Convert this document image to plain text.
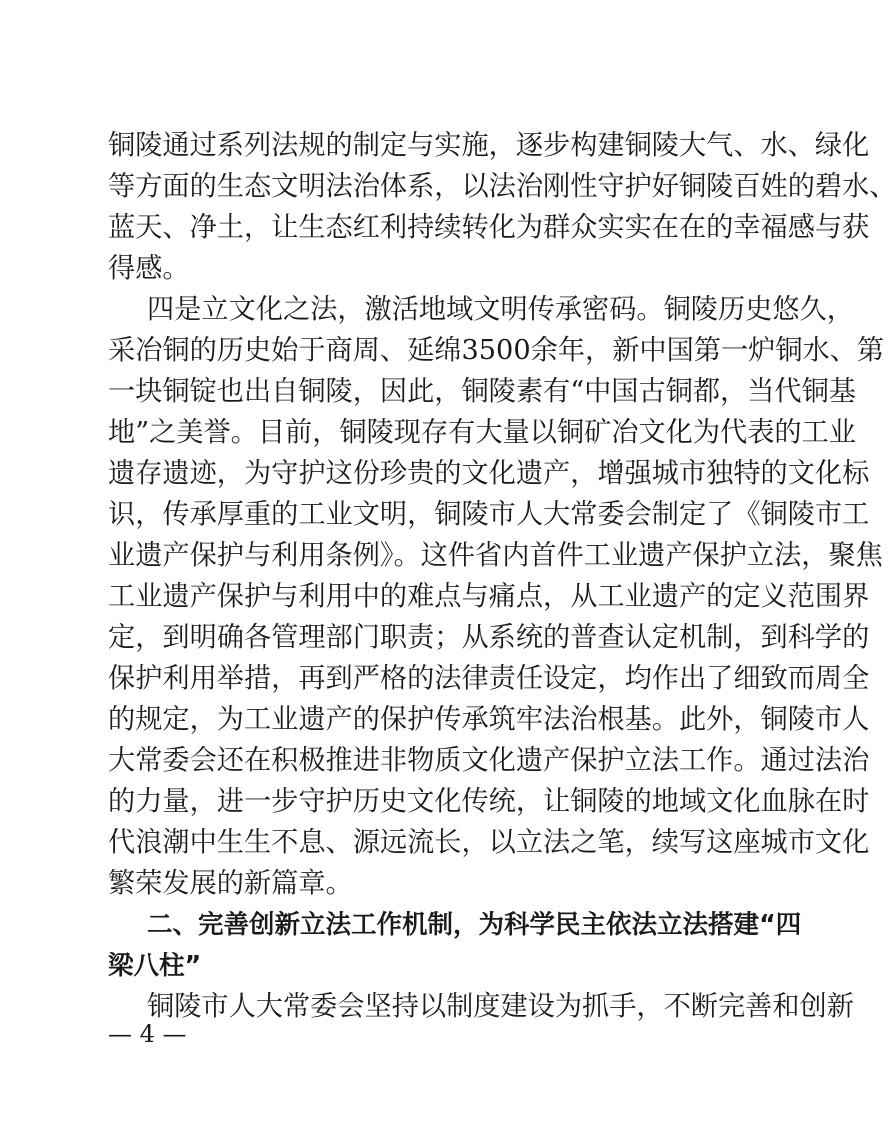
铜陵通过系列法规的制定与实施，逐步构建铜陵大气、水、绿化
等方面的生态文明法治体系，以法治刚性守护好铜陵百姓的碧水、
蓝天、净土，让生态红利持续转化为群众实实在在的幸福感与获
得感。
四是立文化之法，激活地域文明传承密码。铜陵历史悠久，
采冶铜的历史始于商周、延绵3500余年，新中国第一炉铜水、第
一块铜锭也出自铜陵，因此，铜陵素有“中国古铜都，当代铜基
地”之美誉。目前，铜陵现存有大量以铜矿冶文化为代表的工业
遗存遗迹，为守护这份珍贵的文化遗产，增强城市独特的文化标
识，传承厚重的工业文明，铜陵市人大常委会制定了《铜陵市工
业遗产保护与利用条例》。这件省内首件工业遗产保护立法，聚焦
工业遗产保护与利用中的难点与痛点，从工业遗产的定义范围界
定，到明确各管理部门职责；从系统的普查认定机制，到科学的
保护利用举措，再到严格的法律责任设定，均作出了细致而周全
的规定，为工业遗产的保护传承筑牢法治根基。此外，铜陵市人
大常委会还在积极推进非物质文化遗产保护立法工作。通过法治
的力量，进一步守护历史文化传统，让铜陵的地域文化血脉在时
代浪潮中生生不息、源远流长，以立法之笔，续写这座城市文化
繁荣发展的新篇章。
二、完善创新立法工作机制，为科学民主依法立法搭建“四
梁八柱”
铜陵市人大常委会坚持以制度建设为抓手，不断完善和创新
— 4 —
